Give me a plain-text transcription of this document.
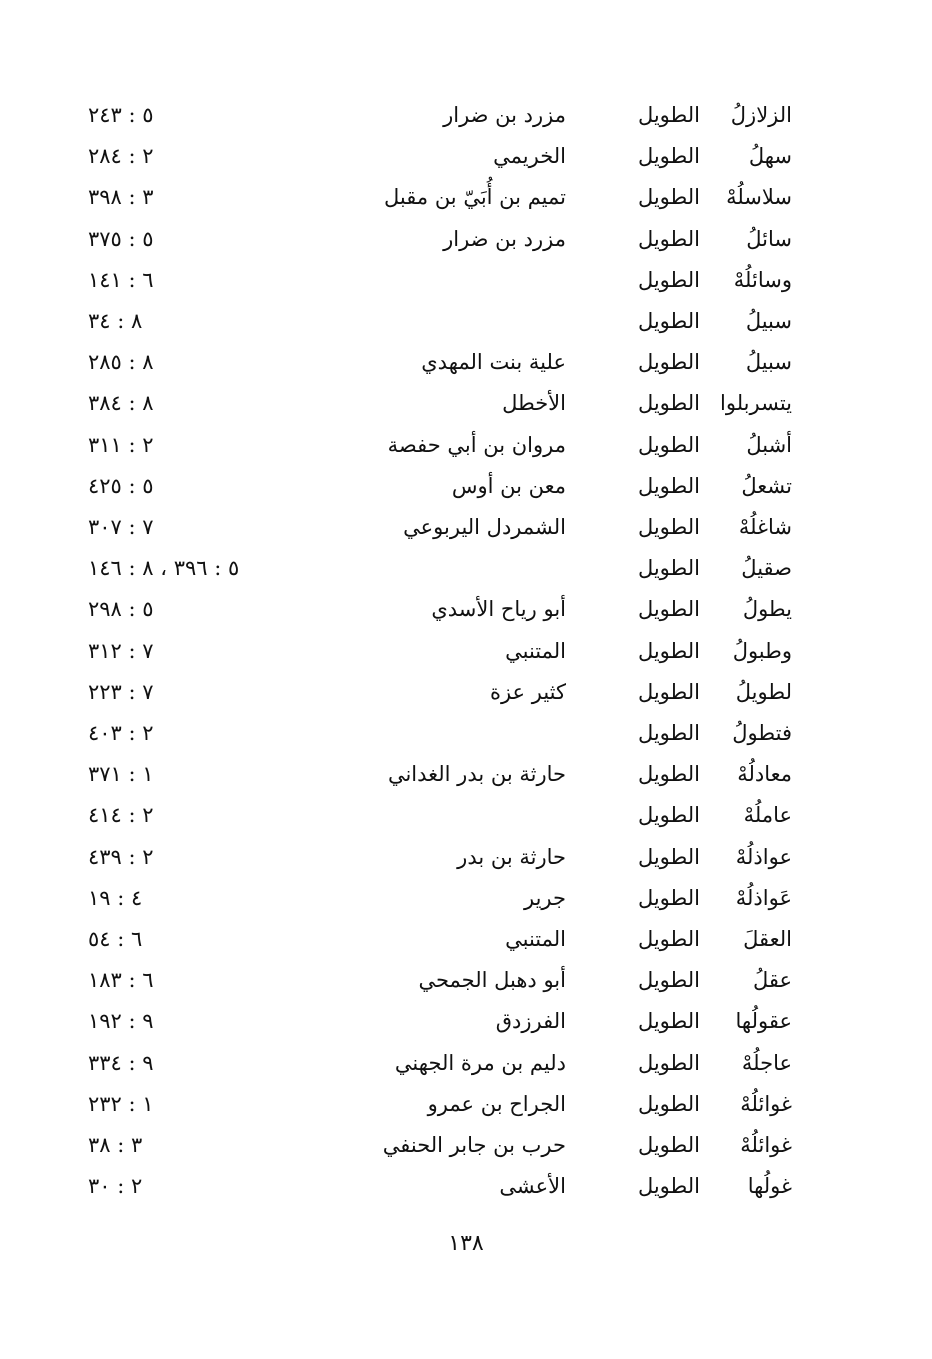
الزلازلُ
الطويل
مزرد بن ضرار
٥ : ٢٤٣
سهلُ
الطويل
الخريمي
٢ : ٢٨٤
سلاسلُهْ
الطويل
تميم بن أُبَيّ بن مقبل
٣ : ٣٩٨
سائلُ
الطويل
مزرد بن ضرار
٥ : ٣٧٥
وسائلُهْ
الطويل
٦ : ١٤١
سبيلُ
الطويل
٨ : ٣٤
سبيلُ
الطويل
علية بنت المهدي
٨ : ٢٨٥
يتسربلوا
الطويل
الأخطل
٨ : ٣٨٤
أشبلُ
الطويل
مروان بن أبي حفصة
٢ : ٣١١
تشعلُ
الطويل
معن بن أوس
٥ : ٤٢٥
شاغلُهْ
الطويل
الشمردل اليربوعي
٧ : ٣٠٧
صقيلُ
الطويل
٥ : ٣٩٦ ، ٨ : ١٤٦
يطولُ
الطويل
أبو رياح الأسدي
٥ : ٢٩٨
وطبولُ
الطويل
المتنبي
٧ : ٣١٢
لطويلُ
الطويل
كثير عزة
٧ : ٢٢٣
فتطولُ
الطويل
٢ : ٤٠٣
معادلُهْ
الطويل
حارثة بن بدر الغداني
١ : ٣٧١
عاملُهْ
الطويل
٢ : ٤١٤
عواذلُهْ
الطويل
حارثة بن بدر
٢ : ٤٣٩
عَواذلُهْ
الطويل
جرير
٤ : ١٩
العقلَ
الطويل
المتنبي
٦ : ٥٤
عقلُ
الطويل
أبو دهبل الجمحي
٦ : ١٨٣
عقولُها
الطويل
الفرزدق
٩ : ١٩٢
عاجلُهْ
الطويل
دليم بن مرة الجهني
٩ : ٣٣٤
غوائلُهْ
الطويل
الجراح بن عمرو
١ : ٢٣٢
غوائلُهْ
الطويل
حرب بن جابر الحنفي
٣ : ٣٨
غولُها
الطويل
الأعشى
٢ : ٣٠
١٣٨
